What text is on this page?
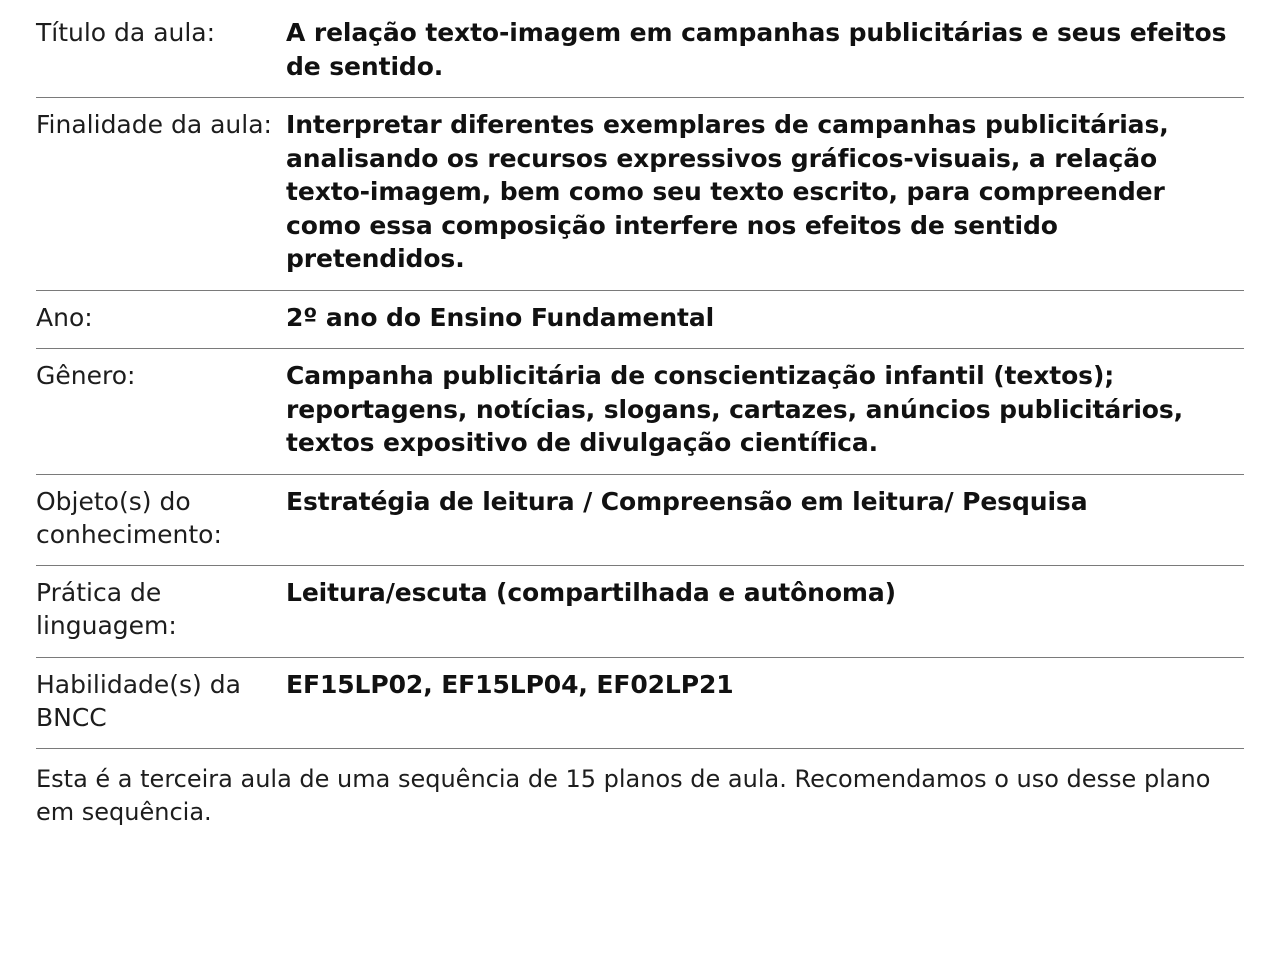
Título da aula:	A relação texto-imagem em campanhas publicitárias e seus efeitos de sentido.
Finalidade da aula:	Interpretar diferentes exemplares de campanhas publicitárias, analisando os recursos expressivos gráficos-visuais, a relação texto-imagem, bem como seu texto escrito, para compreender como essa composição interfere nos efeitos de sentido pretendidos.
Ano:	2º ano do Ensino Fundamental
Gênero:	Campanha publicitária de conscientização infantil (textos); reportagens, notícias, slogans, cartazes, anúncios publicitários, textos expositivo de divulgação científica.
Objeto(s) do conhecimento:	Estratégia de leitura / Compreensão em leitura/ Pesquisa
Prática de linguagem:	Leitura/escuta (compartilhada e autônoma)
Habilidade(s) da BNCC	EF15LP02, EF15LP04, EF02LP21
Esta é a terceira aula de uma sequência de 15 planos de aula. Recomendamos o uso desse plano em sequência.	
